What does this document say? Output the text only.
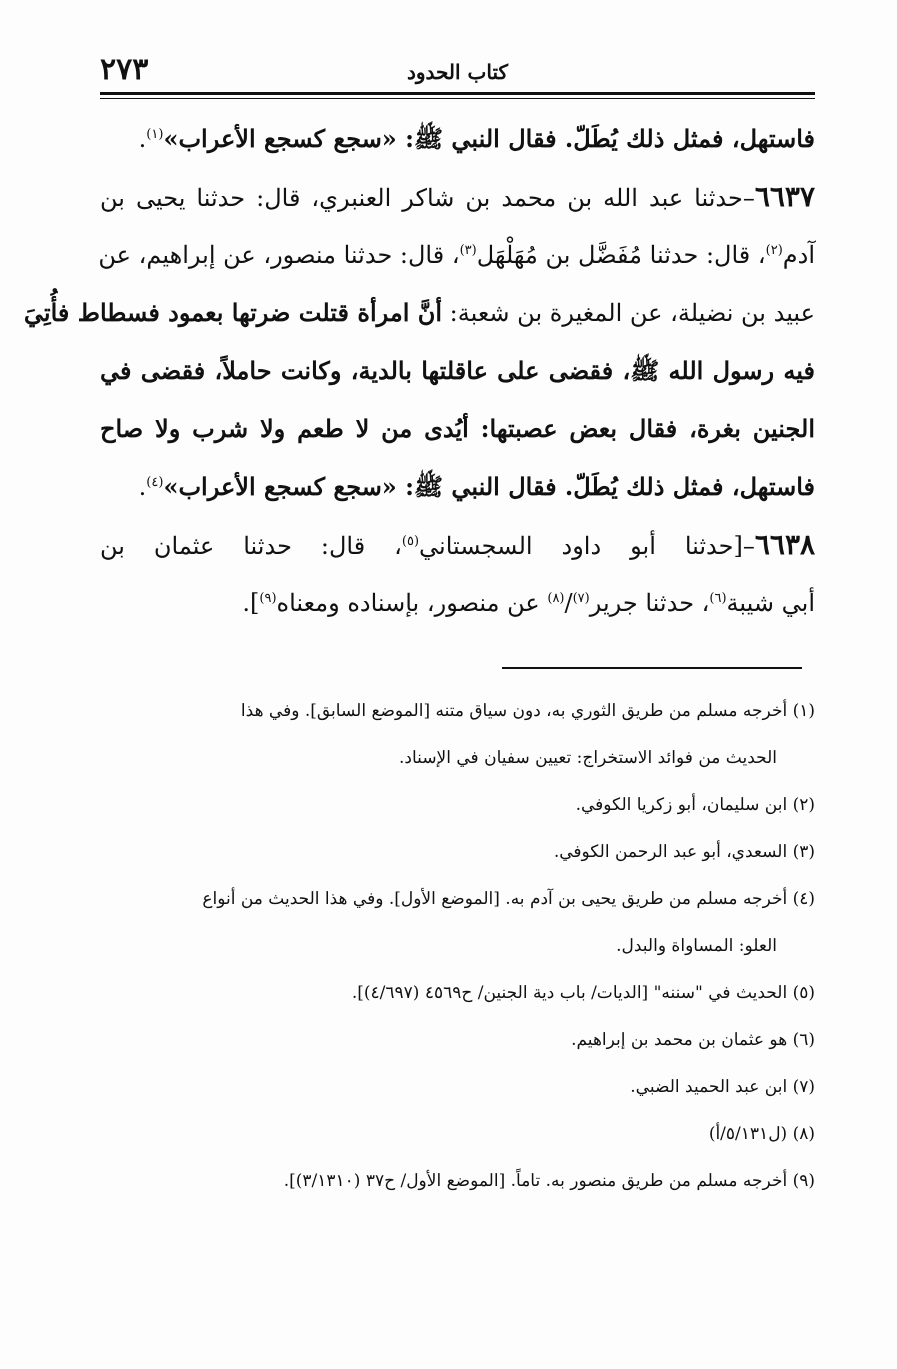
٢٧٣	كتاب الحدود
فاستهل، فمثل ذلك يُطَلّ. فقال النبي ﷺ: «سجع كسجع الأعراب»$^{(١)}$.
٦٦٣٧–حدثنا عبد الله بن محمد بن شاكر العنبري، قال: حدثنا يحيى بن
آدم$^{(٢)}$، قال: حدثنا مُفَضَّل بن مُهَلْهَل$^{(٣)}$، قال: حدثنا منصور، عن إبراهيم، عن
عبيد بن نضيلة، عن المغيرة بن شعبة: أنَّ امرأة قتلت ضرتها بعمود فسطاط فأُتِيَ
فيه رسول الله ﷺ، فقضى على عاقلتها بالدية، وكانت حاملاً، فقضى في
الجنين بغرة، فقال بعض عصبتها: أيُدى من لا طعم ولا شرب ولا صاح
فاستهل، فمثل ذلك يُطَلّ. فقال النبي ﷺ: «سجع كسجع الأعراب»$^{(٤)}$.
٦٦٣٨–[حدثنا أبو داود السجستاني$^{(٥)}$، قال: حدثنا عثمان بن
أبي شيبة$^{(٦)}$، حدثنا جرير$^{(٧)}$/$^{(٨)}$ عن منصور، بإسناده ومعناه$^{(٩)}$].
(١) أخرجه مسلم من طريق الثوري به، دون سياق متنه [الموضع السابق]. وفي هذا
الحديث من فوائد الاستخراج: تعيين سفيان في الإسناد.
(٢) ابن سليمان، أبو زكريا الكوفي.
(٣) السعدي، أبو عبد الرحمن الكوفي.
(٤) أخرجه مسلم من طريق يحيى بن آدم به. [الموضع الأول]. وفي هذا الحديث من أنواع
العلو: المساواة والبدل.
(٥) الحديث في "سننه" [الديات/ باب دية الجنين/ ح٤٥٦٩ (٤/٦٩٧)].
(٦) هو عثمان بن محمد بن إبراهيم.
(٧) ابن عبد الحميد الضبي.
(٨) (ل٥/١٣١/أ)
(٩) أخرجه مسلم من طريق منصور به. تاماً. [الموضع الأول/ ح٣٧ (٣/١٣١٠)].
